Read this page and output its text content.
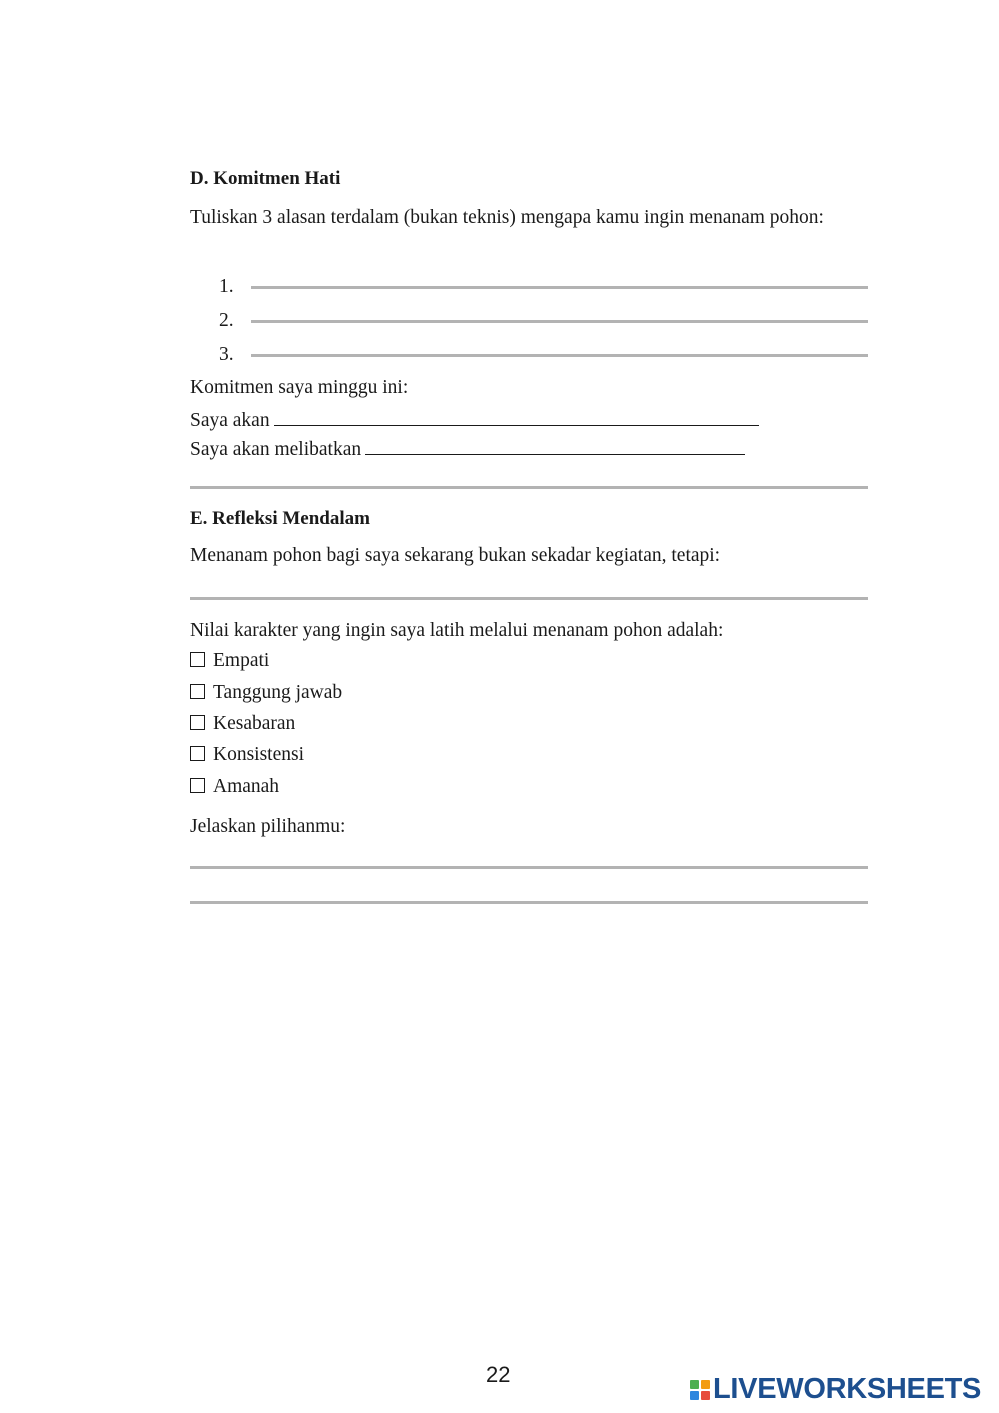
D. Komitmen Hati
Tuliskan 3 alasan terdalam (bukan teknis) mengapa kamu ingin menanam pohon:
1.
2.
3.
Komitmen saya minggu ini:
Saya akan
Saya akan melibatkan
E. Refleksi Mendalam
Menanam pohon bagi saya sekarang bukan sekadar kegiatan, tetapi:
Nilai karakter yang ingin saya latih melalui menanam pohon adalah:
Empati
Tanggung jawab
Kesabaran
Konsistensi
Amanah
Jelaskan pilihanmu:
22	LIVEWORKSHEETS
